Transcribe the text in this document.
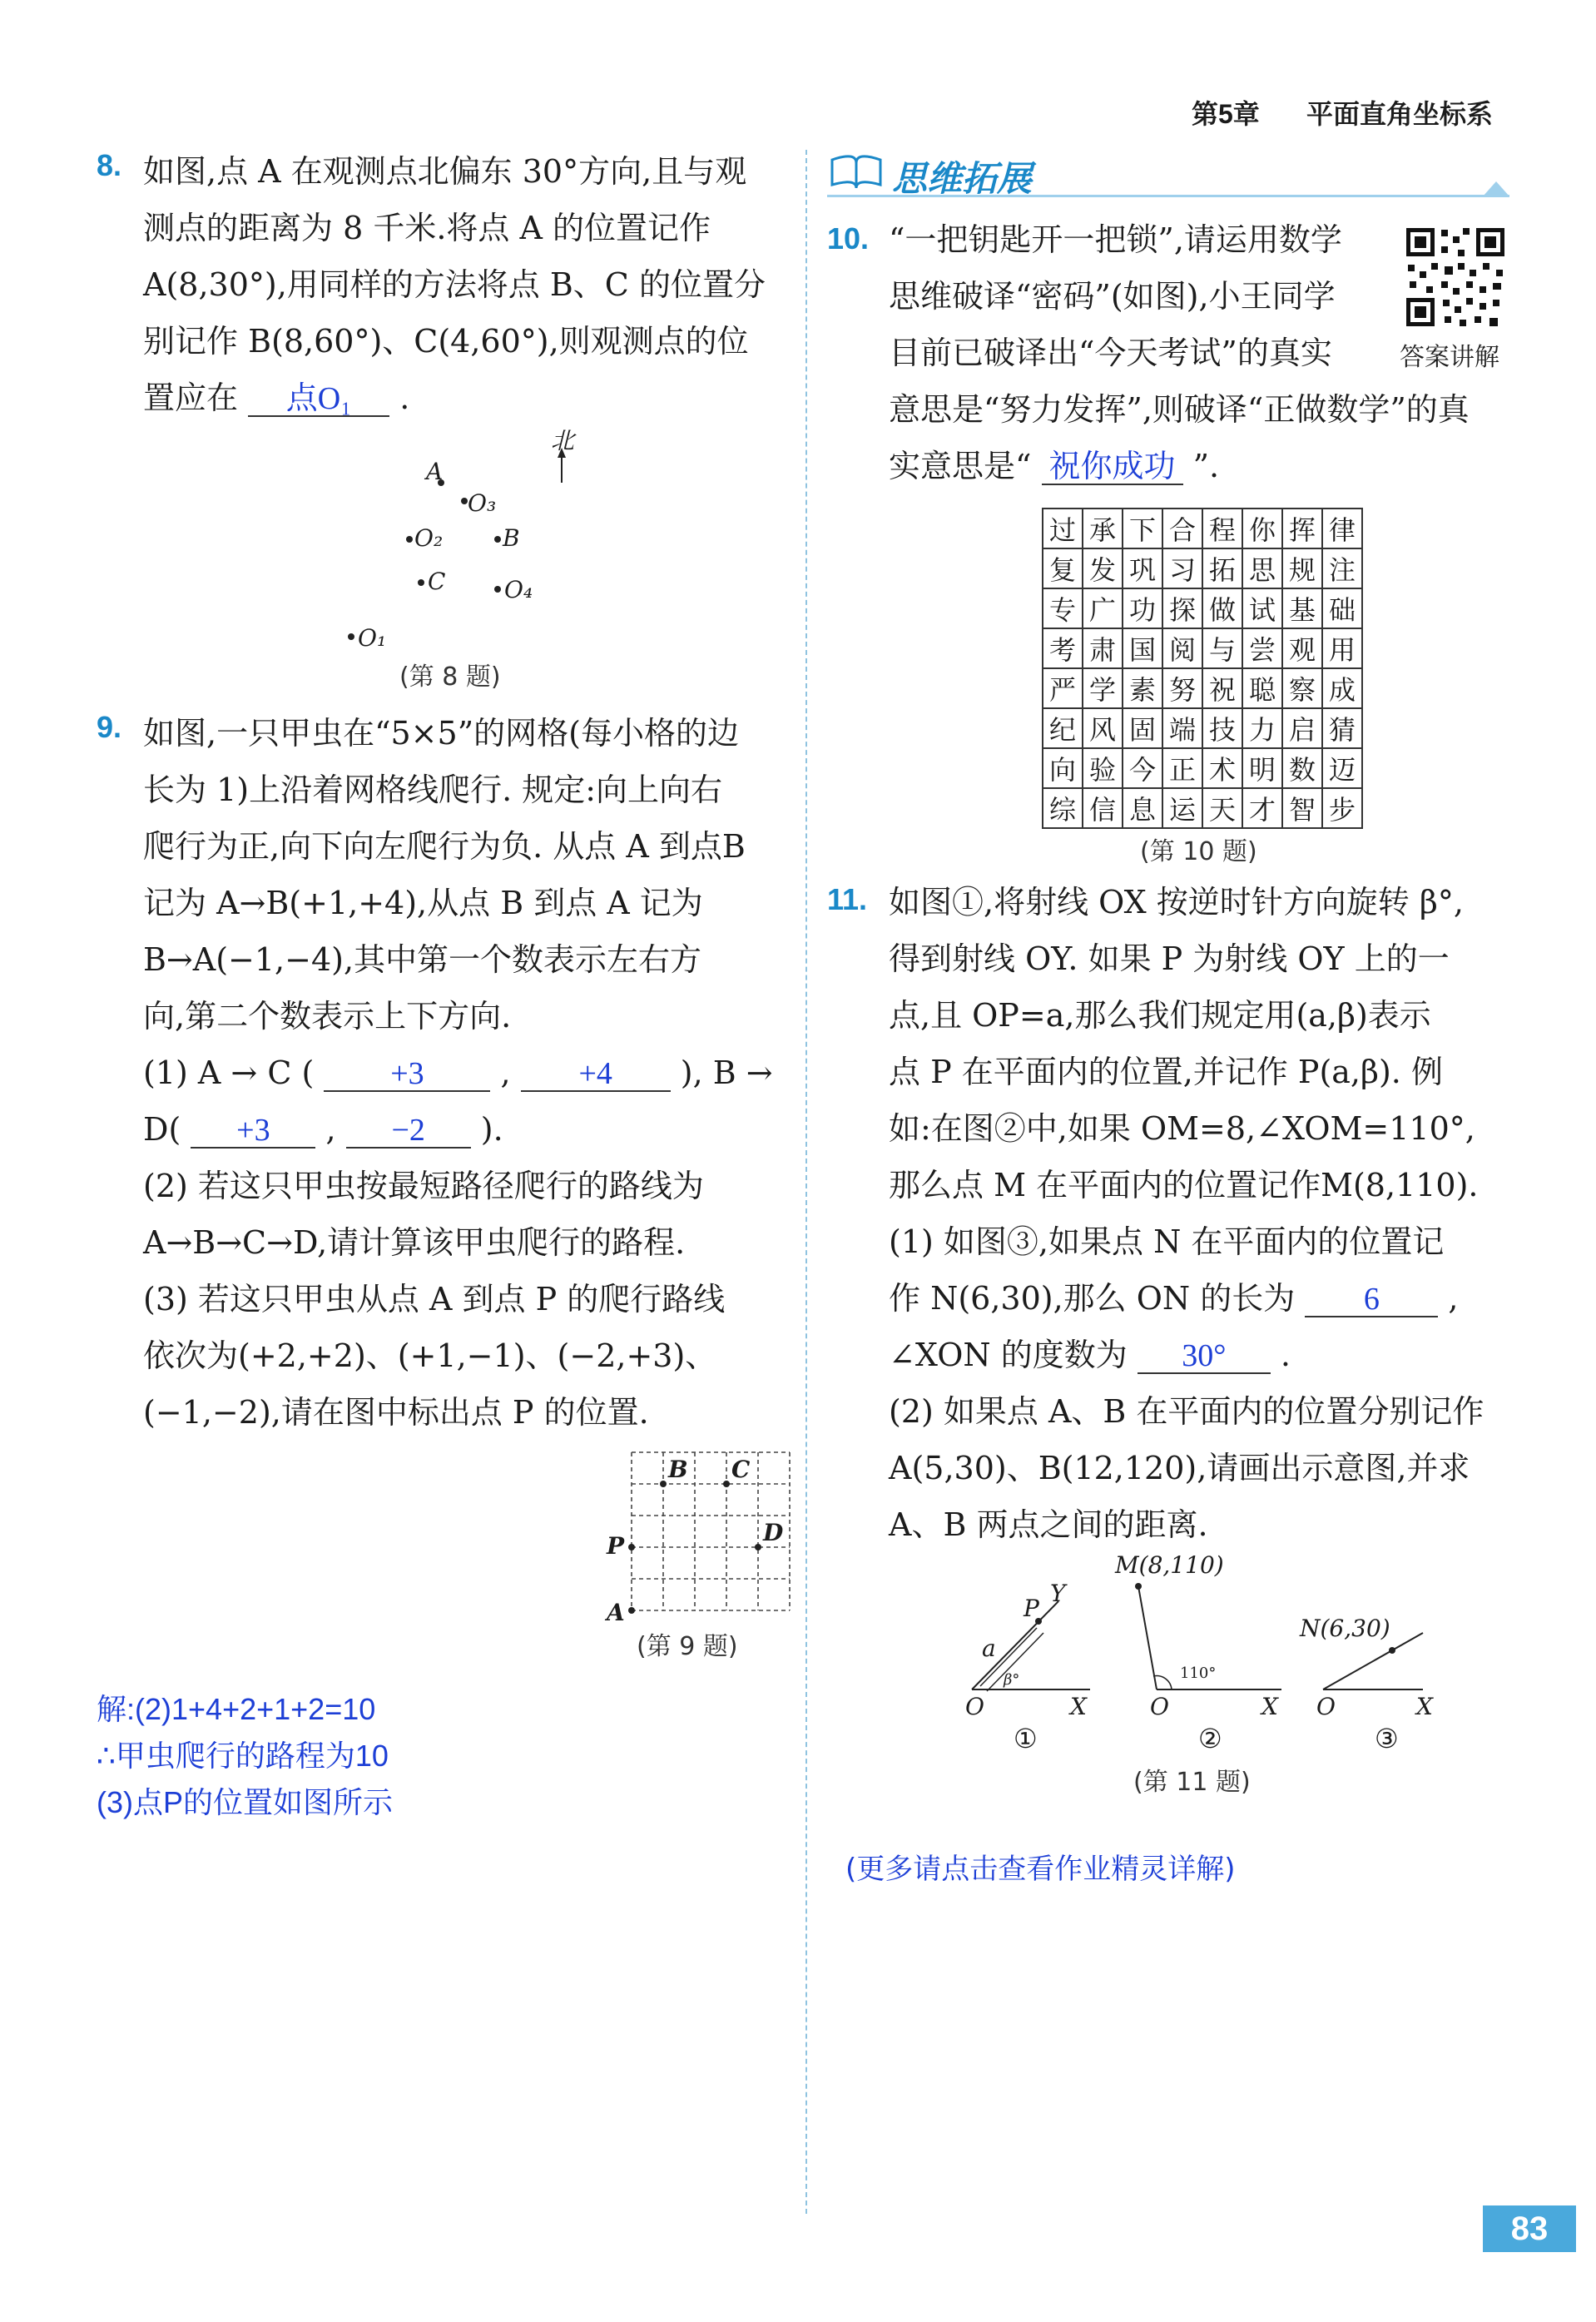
第5章 平面直角坐标系
8. 如图,点 A 在观测点北偏东 30°方向,且与观
测点的距离为 8 千米.将点 A 的位置记作
A(8,30°),用同样的方法将点 B、C 的位置分
别记作 B(8,60°)、C(4,60°),则观测点的位
置应在 点O₁ .
北
A
O₃
O₂	B
C	O₄
O₁
(第 8 题)
9. 如图,一只甲虫在“5×5”的网格(每小格的边
长为 1)上沿着网格线爬行. 规定:向上向右
爬行为正,向下向左爬行为负. 从点 A 到点B
记为 A→B(+1,+4),从点 B 到点 A 记为
B→A(−1,−4),其中第一个数表示左右方
向,第二个数表示上下方向.
(1) A → C ( +3 , +4 ), B →
D( +3 , −2 ).
(2) 若这只甲虫按最短路径爬行的路线为
A→B→C→D,请计算该甲虫爬行的路程.
(3) 若这只甲虫从点 A 到点 P 的爬行路线
依次为(+2,+2)、(+1,−1)、(−2,+3)、
(−1,−2),请在图中标出点 P 的位置.
B C
D
P
A
(第 9 题)
解:(2)1+4+2+1+2=10
∴甲虫爬行的路程为10
(3)点P的位置如图所示
思维拓展
10. “一把钥匙开一把锁”,请运用数学
思维破译“密码”(如图),小王同学
目前已破译出“今天考试”的真实
意思是“努力发挥”,则破译“正做数学”的真
实意思是“ 祝你成功 ”.
答案讲解
过	承	下	合	程	你	挥	律
复	发	巩	习	拓	思	规	注
专	广	功	探	做	试	基	础
考	肃	国	阅	与	尝	观	用
严	学	素	努	祝	聪	察	成
纪	风	固	端	技	力	启	猜
向	验	今	正	术	明	数	迈
综	信	息	运	天	才	智	步
(第 10 题)
11. 如图①,将射线 OX 按逆时针方向旋转 β°,
得到射线 OY. 如果 P 为射线 OY 上的一
点,且 OP=a,那么我们规定用(a,β)表示
点 P 在平面内的位置,并记作 P(a,β). 例
如:在图②中,如果 OM=8,∠XOM=110°,
那么点 M 在平面内的位置记作M(8,110).
(1) 如图③,如果点 N 在平面内的位置记
作 N(6,30),那么 ON 的长为 6 ,
∠XON 的度数为 30° .
(2) 如果点 A、B 在平面内的位置分别记作
A(5,30)、B(12,120),请画出示意图,并求
A、B 两点之间的距离.
Y
P
a
β°
O	X
M(8,110)
110°
O	X
N(6,30)
O	X
①	②	③
(第 11 题)
(更多请点击查看作业精灵详解)
83
